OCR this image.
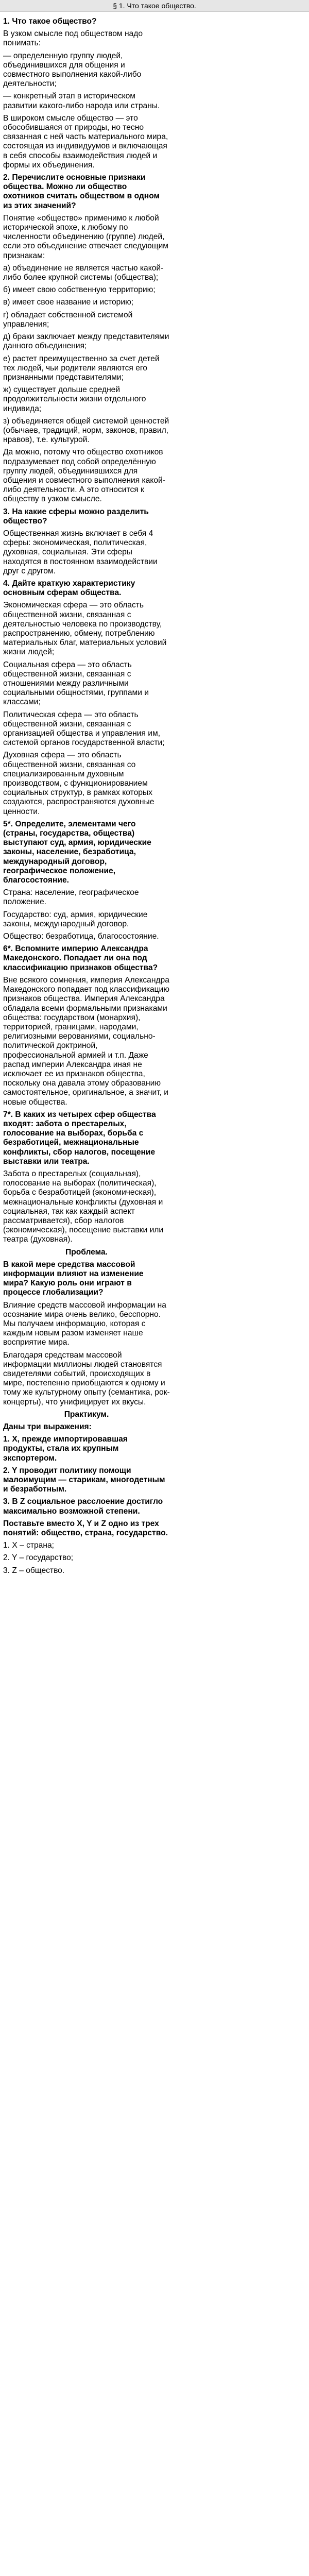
§ 1. Что такое общество.
1. Что такое общество?
В узком смысле под обществом надо понимать:
— определенную группу людей, объединившихся для общения и совместного выполнения какой-либо деятельности;
— конкретный этап в историческом развитии какого-либо народа или страны.
В широком смысле общество — это обособившаяся от природы, но тесно связанная с ней часть материального мира, состоящая из индивидуумов и включающая в себя способы взаимодействия людей и формы их объединения.
2. Перечислите основные признаки общества. Можно ли общество охотников считать обществом в одном из этих значений?
Понятие «общество» применимо к любой исторической эпохе, к любому по численности объединению (группе) людей, если это объединение отвечает следующим признакам:
а) объединение не является частью какой-либо более крупной системы (общества);
б) имеет свою собственную территорию;
в) имеет свое название и историю;
г) обладает собственной системой управления;
д) браки заключает между представителями данного объединения;
е) растет преимущественно за счет детей тех людей, чьи родители являются его признанными представителями;
ж) существует дольше средней продолжительности жизни отдельного индивида;
з) объединяется общей системой ценностей (обычаев, традиций, норм, законов, правил, нравов), т.е. культурой.
Да можно, потому что общество охотников подразумевает под собой определённую группу людей, объединившихся для общения и совместного выполнения какой-либо деятельности. А это относится к обществу в узком смысле.
3. На какие сферы можно разделить общество?
Общественная жизнь включает в себя 4 сферы: экономическая, политическая, духовная, социальная. Эти сферы находятся в постоянном взаимодействии друг с другом.
4. Дайте краткую характеристику основным сферам общества.
Экономическая сфера — это область общественной жизни, связанная с деятельностью человека по производству, распространению, обмену, потреблению материальных благ, материальных условий жизни людей;
Социальная сфера — это область общественной жизни, связанная с отношениями между различными социальными общностями, группами и классами;
Политическая сфера — это область общественной жизни, связанная с организацией общества и управления им, системой органов государственной власти;
Духовная сфера — это область общественной жизни, связанная со специализированным духовным производством, с функционированием социальных структур, в рамках которых создаются, распространяются духовные ценности.
5*. Определите, элементами чего (страны, государства, общества) выступают суд, армия, юридические законы, население, безработица, международный договор, географическое положение, благосостояние.
Страна: население, географическое положение.
Государство: суд, армия, юридические законы, международный договор.
Общество: безработица, благосостояние.
6*. Вспомните империю Александра Македонского. Попадает ли она под классификацию признаков общества?
Вне всякого сомнения, империя Александра Македонского попадает под классификацию признаков общества. Империя Александра обладала всеми формальными признаками общества: государством (монархия), территорией, границами, народами, религиозными верованиями, социально-политической доктриной, профессиональной армией и т.п. Даже распад империи Александра иная не исключает ее из признаков общества, поскольку она давала этому образованию самостоятельное, оригинальное, а значит, и новые общества.
7*. В каких из четырех сфер общества входят: забота о престарелых, голосование на выборах, борьба с безработицей, межнациональные конфликты, сбор налогов, посещение выставки или театра.
Забота о престарелых (социальная), голосование на выборах (политическая), борьба с безработицей (экономическая), межнациональные конфликты (духовная и социальная, так как каждый аспект рассматривается), сбор налогов (экономическая), посещение выставки или театра (духовная).
Проблема.
В какой мере средства массовой информации влияют на изменение мира? Какую роль они играют в процессе глобализации?
Влияние средств массовой информации на осознание мира очень велико, бесспорно. Мы получаем информацию, которая с каждым новым разом изменяет наше восприятие мира.
Благодаря средствам массовой информации миллионы людей становятся свидетелями событий, происходящих в мире, постепенно приобщаются к одному и тому же культурному опыту (семантика, рок-концерты), что унифицирует их вкусы.
Практикум.
Даны три выражения:
1. X, прежде импортировавшая продукты, стала их крупным экспортером.
2. Y проводит политику помощи малоимущим — старикам, многодетным и безработным.
3. В Z социальное расслоение достигло максимально возможной степени.
Поставьте вместо X, Y и Z одно из трех понятий: общество, страна, государство.
1. X – страна;
2. Y – государство;
3. Z – общество.
